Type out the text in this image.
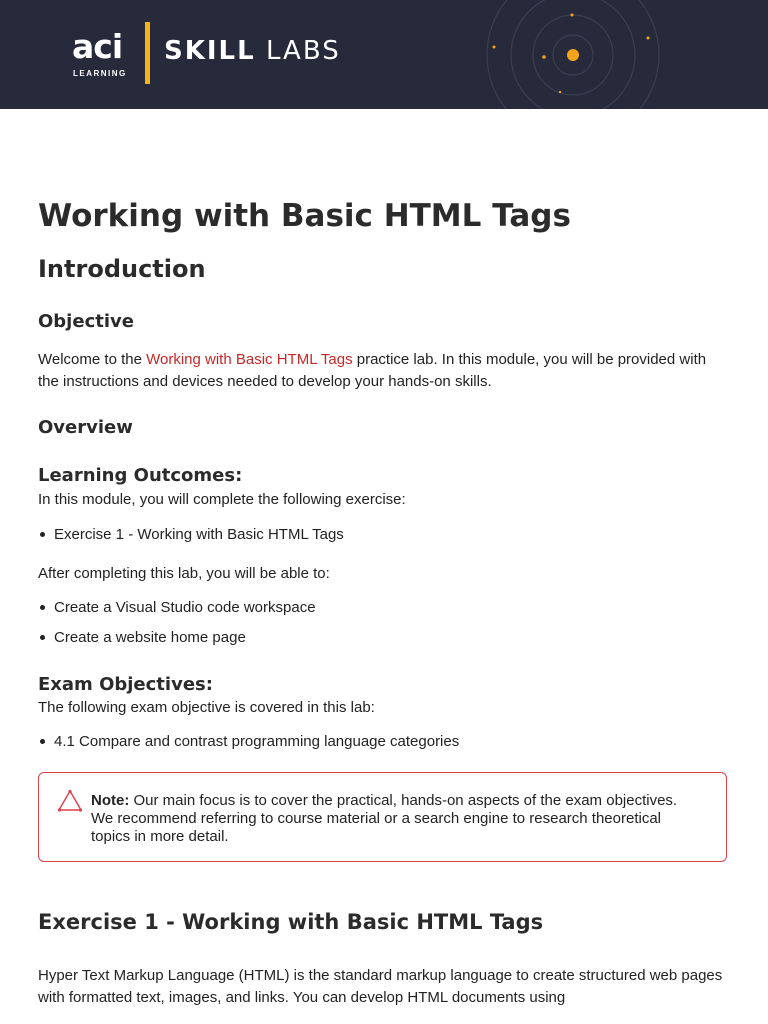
aci
LEARNING
SKILL LABS
Working with Basic HTML Tags
Introduction
Objective

Welcome to the Working with Basic HTML Tags practice lab. In this module, you will be provided with the instructions and devices needed to develop your hands-on skills.

Overview
Learning Outcomes:

In this module, you will complete the following exercise:

Exercise 1 - Working with Basic HTML Tags

After completing this lab, you will be able to:

Create a Visual Studio code workspace
Create a website home page
Exam Objectives:

The following exam objective is covered in this lab:

4.1 Compare and contrast programming language categories
Note: Our main focus is to cover the practical, hands-on aspects of the exam objectives. We recommend referring to course material or a search engine to research theoretical topics in more detail.
Exercise 1 - Working with Basic HTML Tags

Hyper Text Markup Language (HTML) is the standard markup language to create structured web pages with formatted text, images, and links. You can develop HTML documents using
